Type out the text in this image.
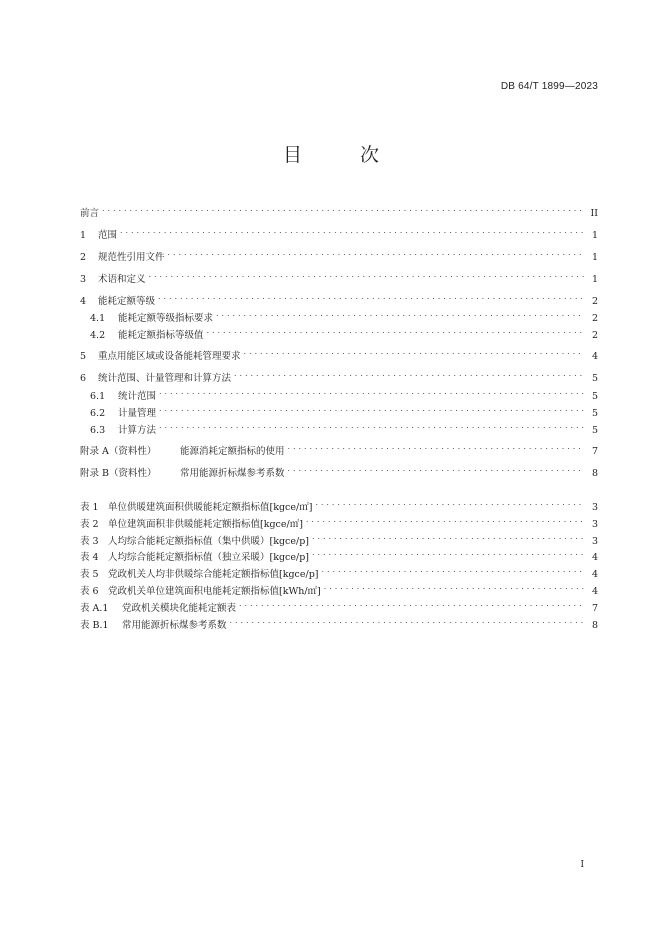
DB 64/T 1899—2023
目 次
前言 . . .	II
1	范围 . . .	1
2	规范性引用文件 . . .	1
3	术语和定义 . . .	1
4	能耗定额等级 . . .	2
4.1	能耗定额等级指标要求 . . .	2
4.2	能耗定额指标等级值 . . .	2
5	重点用能区域或设备能耗管理要求 . . .	4
6	统计范围、计量管理和计算方法 . . .	5
6.1	统计范围 . . .	5
6.2	计量管理 . . .	5
6.3	计算方法 . . .	5
附录 A（资料性）	能源消耗定额指标的使用 . . .	7
附录 B（资料性）	常用能源折标煤参考系数 . . .	8
表 1 单位供暖建筑面积供暖能耗定额指标值[kgce/㎡] . . .	3
表 2 单位建筑面积非供暖能耗定额指标值[kgce/㎡] . . .	3
表 3 人均综合能耗定额指标值（集中供暖）[kgce/p] . . .	3
表 4 人均综合能耗定额指标值（独立采暖）[kgce/p] . . .	4
表 5 党政机关人均非供暖综合能耗定额指标值[kgce/p] . . .	4
表 6 党政机关单位建筑面积电能耗定额指标值[kWh/㎡] . . .	4
表 A.1	党政机关模块化能耗定额表 . . .	7
表 B.1	常用能源折标煤参考系数 . . .	8
I
